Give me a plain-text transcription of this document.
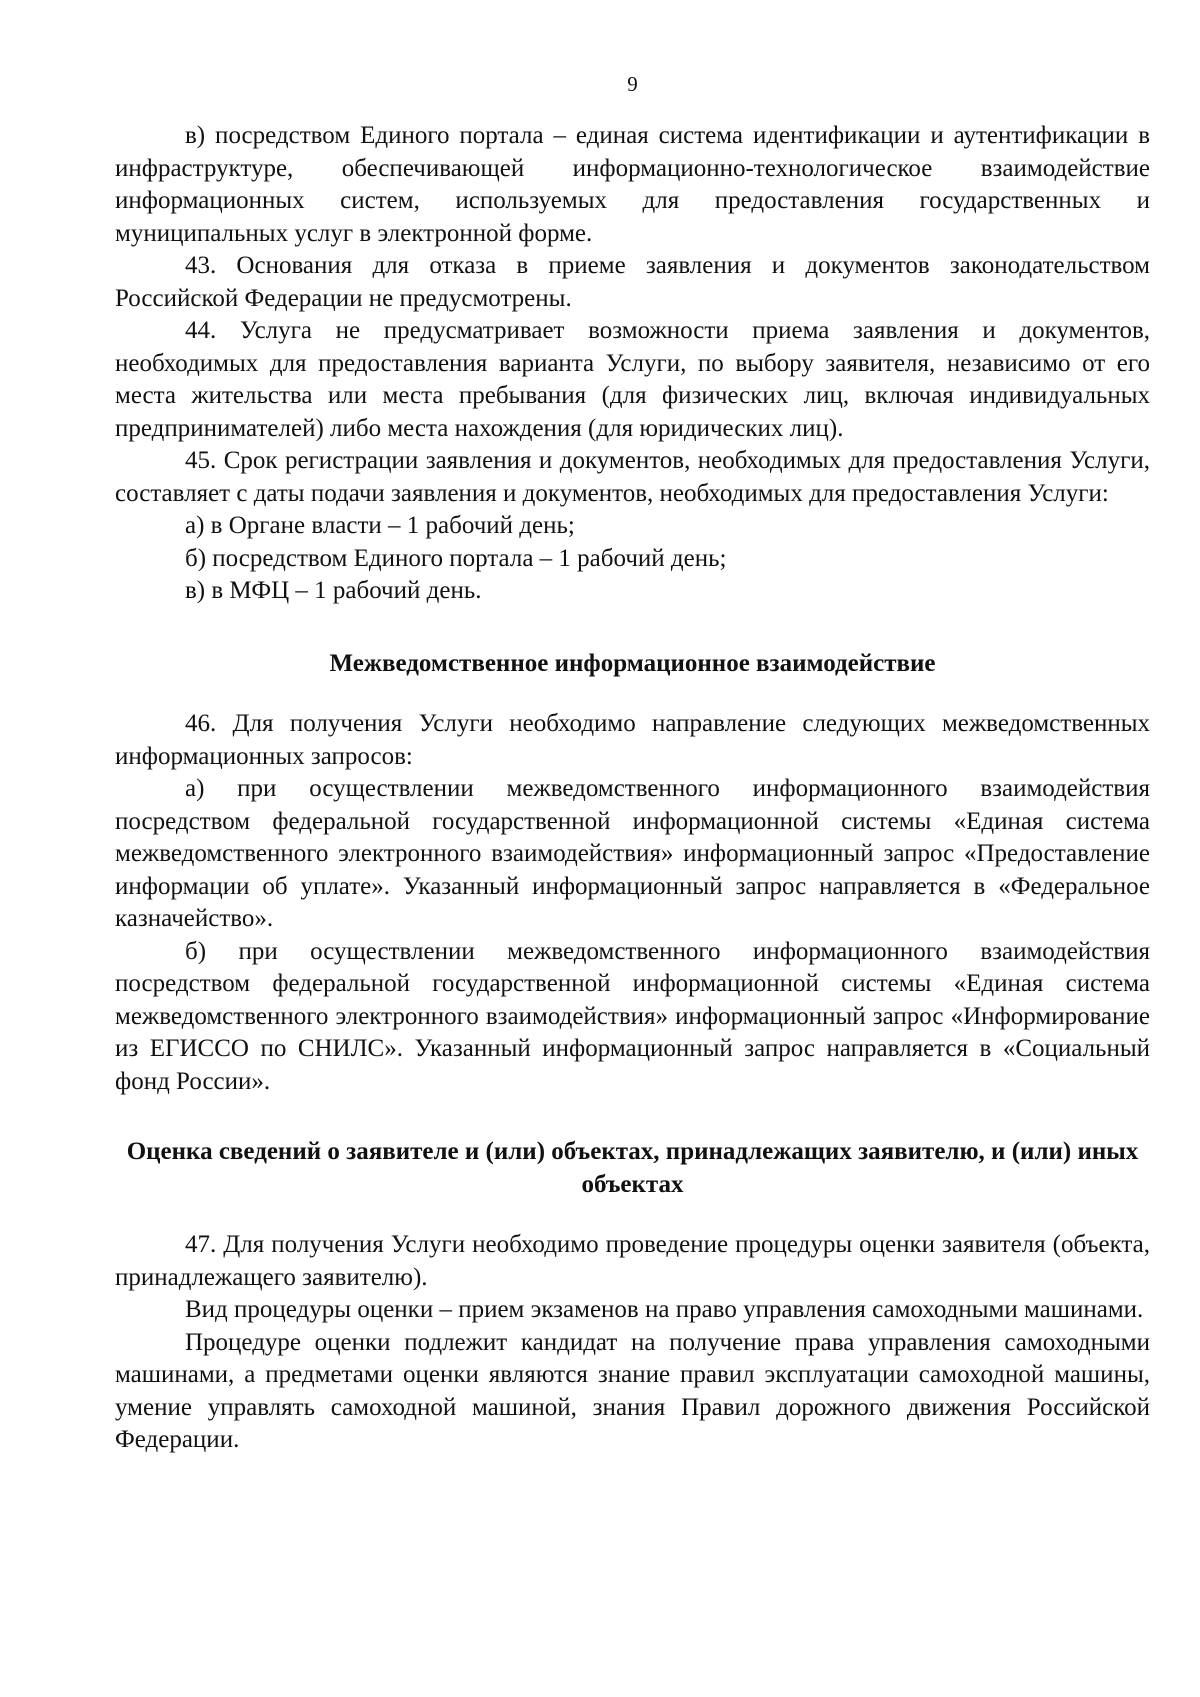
9

в) посредством Единого портала – единая система идентификации и аутентификации в инфраструктуре, обеспечивающей информационно-технологическое взаимодействие информационных систем, используемых для предоставления государственных и муниципальных услуг в электронной форме.

43. Основания для отказа в приеме заявления и документов законодательством Российской Федерации не предусмотрены.

44. Услуга не предусматривает возможности приема заявления и документов, необходимых для предоставления варианта Услуги, по выбору заявителя, независимо от его места жительства или места пребывания (для физических лиц, включая индивидуальных предпринимателей) либо места нахождения (для юридических лиц).

45. Срок регистрации заявления и документов, необходимых для предоставления Услуги, составляет с даты подачи заявления и документов, необходимых для предоставления Услуги:

а) в Органе власти – 1 рабочий день;

б) посредством Единого портала – 1 рабочий день;

в) в МФЦ – 1 рабочий день.

Межведомственное информационное взаимодействие

46. Для получения Услуги необходимо направление следующих межведомственных информационных запросов:

а) при осуществлении межведомственного информационного взаимодействия посредством федеральной государственной информационной системы «Единая система межведомственного электронного взаимодействия» информационный запрос «Предоставление информации об уплате». Указанный информационный запрос направляется в «Федеральное казначейство».

б) при осуществлении межведомственного информационного взаимодействия посредством федеральной государственной информационной системы «Единая система межведомственного электронного взаимодействия» информационный запрос «Информирование из ЕГИССО по СНИЛС». Указанный информационный запрос направляется в «Социальный фонд России».

Оценка сведений о заявителе и (или) объектах, принадлежащих заявителю, и (или) иных объектах

47. Для получения Услуги необходимо проведение процедуры оценки заявителя (объекта, принадлежащего заявителю).

Вид процедуры оценки – прием экзаменов на право управления самоходными машинами.

Процедуре оценки подлежит кандидат на получение права управления самоходными машинами, а предметами оценки являются знание правил эксплуатации самоходной машины, умение управлять самоходной машиной, знания Правил дорожного движения Российской Федерации.
